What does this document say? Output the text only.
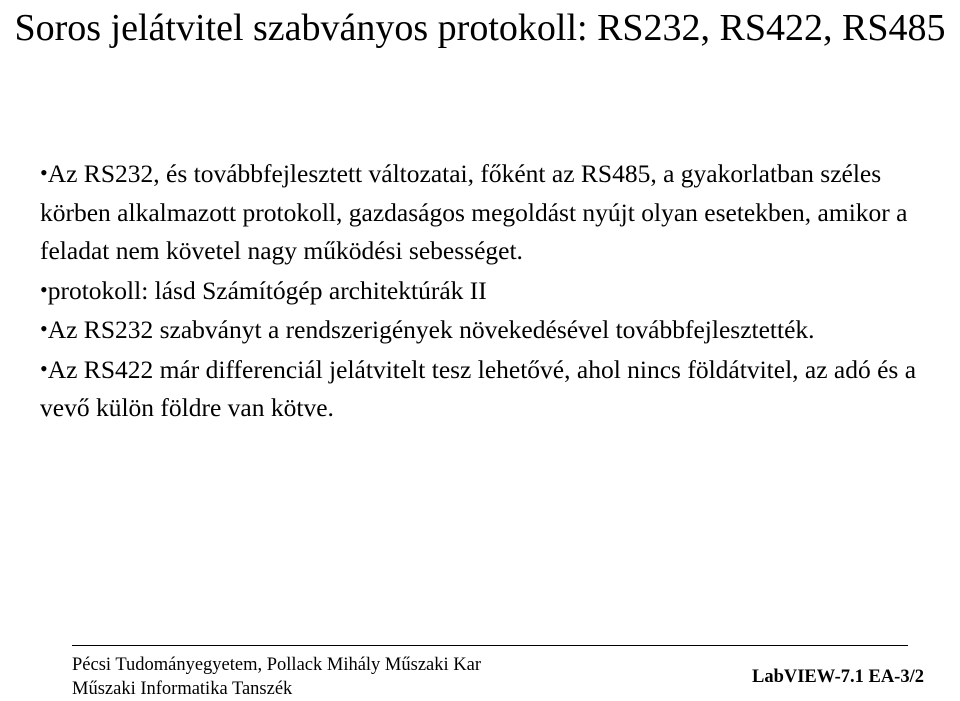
Soros jelátvitel szabványos protokoll: RS232, RS422, RS485
•Az RS232, és továbbfejlesztett változatai, főként az RS485, a gyakorlatban széles körben alkalmazott protokoll, gazdaságos megoldást nyújt olyan esetekben, amikor a feladat nem követel nagy működési sebességet.
•protokoll: lásd Számítógép architektúrák II
•Az RS232 szabványt a rendszerigények növekedésével továbbfejlesztették.
•Az RS422 már differenciál jelátvitelt tesz lehetővé, ahol nincs földátvitel, az adó és a vevő külön földre van kötve.
Pécsi Tudományegyetem, Pollack Mihály Műszaki Kar
Műszaki Informatika Tanszék
LabVIEW-7.1 EA-3/2
